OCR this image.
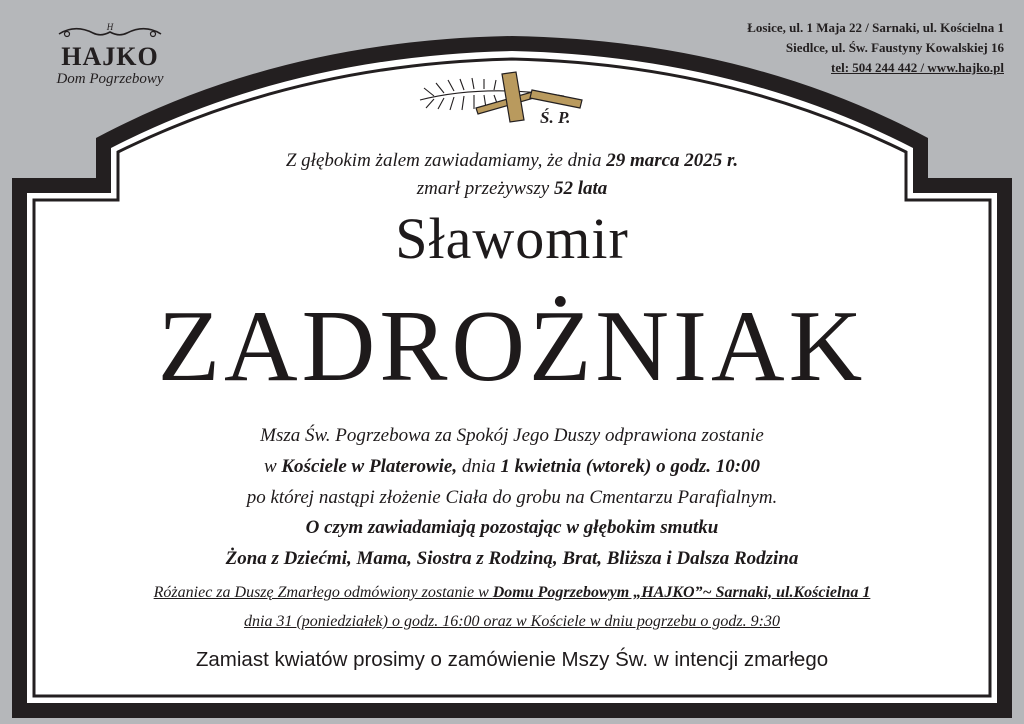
H
HAJKO
Dom Pogrzebowy
Łosice, ul. 1 Maja 22 / Sarnaki, ul. Kościelna 1
Siedlce, ul. Św. Faustyny Kowalskiej 16
tel: 504 244 442 / www.hajko.pl
Ś. P.
Z głębokim żalem zawiadamiamy, że dnia 29 marca 2025 r.
zmarł przeżywszy 52 lata
Sławomir
ZADROŻNIAK
Msza Św. Pogrzebowa za Spokój Jego Duszy odprawiona zostanie
w Kościele w Platerowie, dnia 1 kwietnia (wtorek) o godz. 10:00
po której nastąpi złożenie Ciała do grobu na Cmentarzu Parafialnym.
O czym zawiadamiają pozostając w głębokim smutku
Żona z Dziećmi, Mama, Siostra z Rodziną, Brat, Bliższa i Dalsza Rodzina
Różaniec za Duszę Zmarłego odmówiony zostanie w Domu Pogrzebowym „HAJKO”~ Sarnaki, ul.Kościelna 1
dnia 31 (poniedziałek) o godz. 16:00 oraz w Kościele w dniu pogrzebu o godz. 9:30
Zamiast kwiatów prosimy o zamówienie Mszy Św. w intencji zmarłego
